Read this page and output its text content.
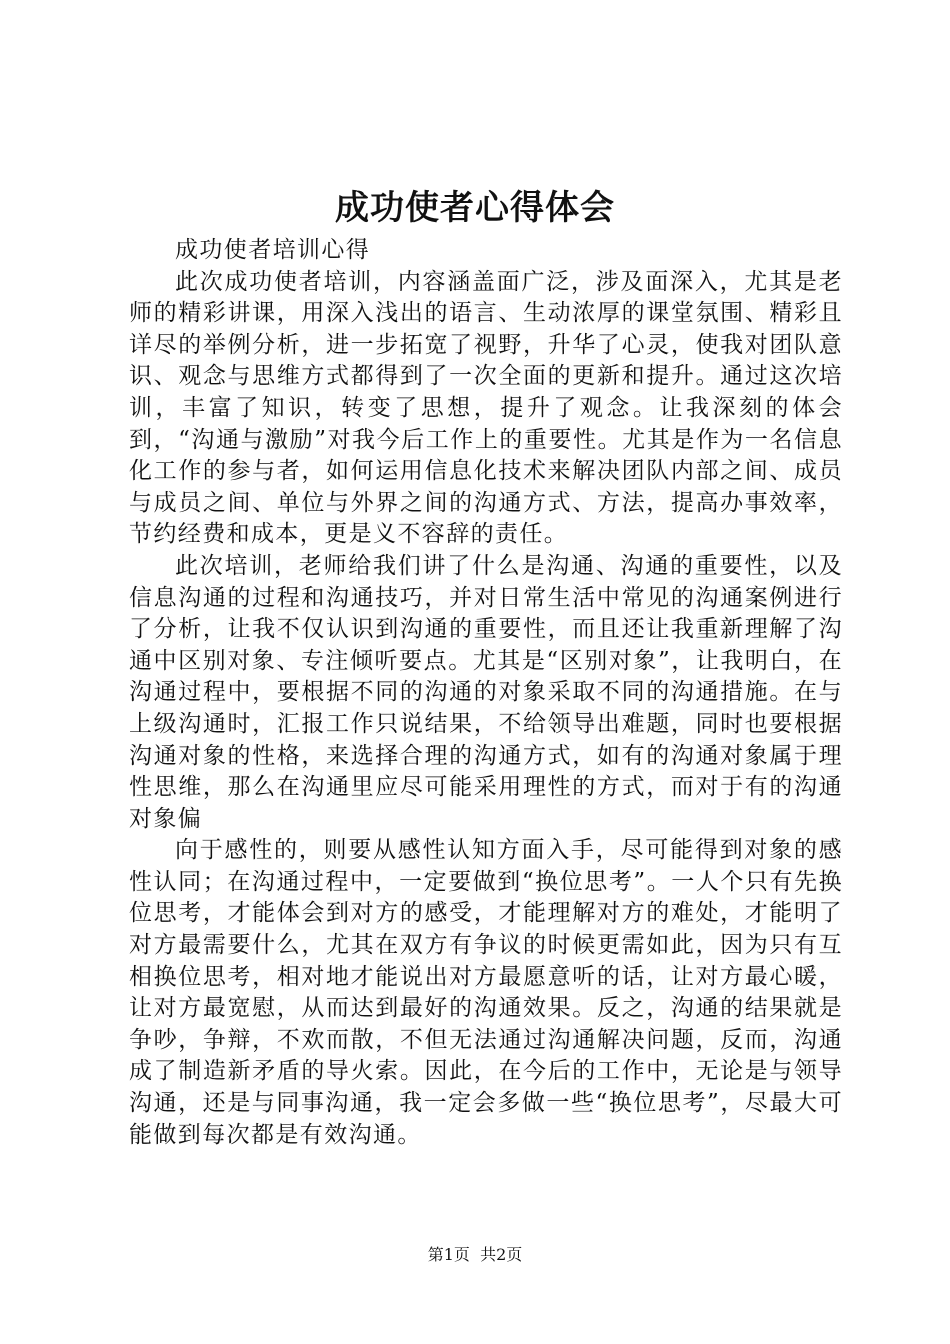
成功使者心得体会

成功使者培训心得

此次成功使者培训，内容涵盖面广泛，涉及面深入，尤其是老师的精彩讲课，用深入浅出的语言、生动浓厚的课堂氛围、精彩且详尽的举例分析，进一步拓宽了视野，升华了心灵，使我对团队意识、观念与思维方式都得到了一次全面的更新和提升。通过这次培训，丰富了知识，转变了思想，提升了观念。让我深刻的体会到，“沟通与激励”对我今后工作上的重要性。尤其是作为一名信息化工作的参与者，如何运用信息化技术来解决团队内部之间、成员与成员之间、单位与外界之间的沟通方式、方法，提高办事效率，节约经费和成本，更是义不容辞的责任。

此次培训，老师给我们讲了什么是沟通、沟通的重要性，以及信息沟通的过程和沟通技巧，并对日常生活中常见的沟通案例进行了分析，让我不仅认识到沟通的重要性，而且还让我重新理解了沟通中区别对象、专注倾听要点。尤其是“区别对象”，让我明白，在沟通过程中，要根据不同的沟通的对象采取不同的沟通措施。在与上级沟通时，汇报工作只说结果，不给领导出难题，同时也要根据沟通对象的性格，来选择合理的沟通方式，如有的沟通对象属于理性思维，那么在沟通里应尽可能采用理性的方式，而对于有的沟通对象偏

向于感性的，则要从感性认知方面入手，尽可能得到对象的感性认同；在沟通过程中，一定要做到“换位思考”。一人个只有先换位思考，才能体会到对方的感受，才能理解对方的难处，才能明了对方最需要什么，尤其在双方有争议的时候更需如此，因为只有互相换位思考，相对地才能说出对方最愿意听的话，让对方最心暖，让对方最宽慰，从而达到最好的沟通效果。反之，沟通的结果就是争吵，争辩，不欢而散，不但无法通过沟通解决问题，反而，沟通成了制造新矛盾的导火索。因此，在今后的工作中，无论是与领导沟通，还是与同事沟通，我一定会多做一些“换位思考”，尽最大可能做到每次都是有效沟通。

第1页 共2页
